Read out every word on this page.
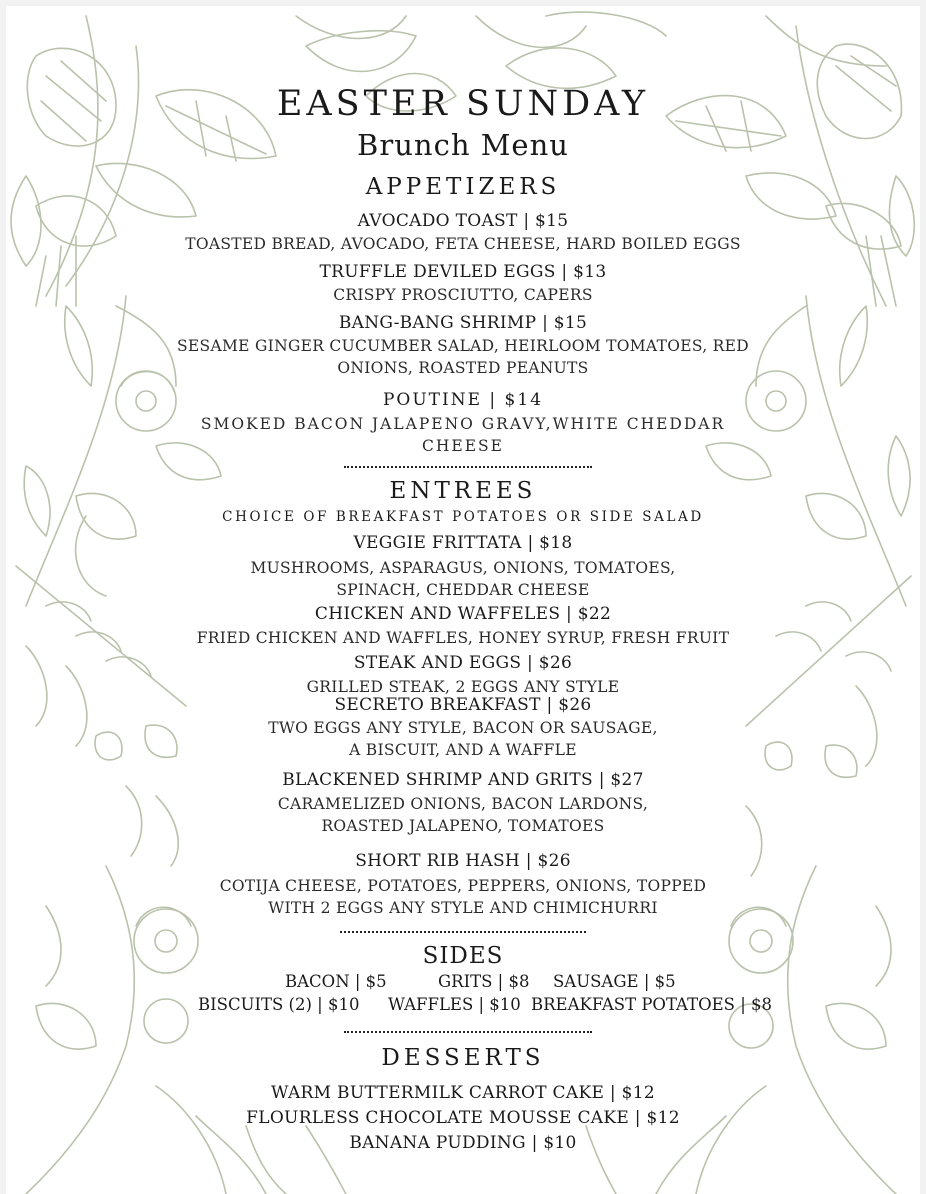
EASTER SUNDAY
Brunch Menu
APPETIZERS
AVOCADO TOAST | $15
TOASTED BREAD, AVOCADO, FETA CHEESE, HARD BOILED EGGS
TRUFFLE DEVILED EGGS | $13
CRISPY PROSCIUTTO, CAPERS
BANG-BANG SHRIMP | $15
SESAME GINGER CUCUMBER SALAD, HEIRLOOM TOMATOES, RED
ONIONS, ROASTED PEANUTS
POUTINE | $14
SMOKED BACON JALAPENO GRAVY,WHITE CHEDDAR
CHEESE
ENTREES
CHOICE OF BREAKFAST POTATOES OR SIDE SALAD
VEGGIE FRITTATA | $18
MUSHROOMS, ASPARAGUS, ONIONS, TOMATOES,
SPINACH, CHEDDAR CHEESE
CHICKEN AND WAFFELES | $22
FRIED CHICKEN AND WAFFLES, HONEY SYRUP, FRESH FRUIT
STEAK AND EGGS | $26
GRILLED STEAK, 2 EGGS ANY STYLE
SECRETO BREAKFAST | $26
TWO EGGS ANY STYLE, BACON OR SAUSAGE,
A BISCUIT, AND A WAFFLE
BLACKENED SHRIMP AND GRITS | $27
CARAMELIZED ONIONS, BACON LARDONS,
ROASTED JALAPENO, TOMATOES
SHORT RIB HASH | $26
COTIJA CHEESE, POTATOES, PEPPERS, ONIONS, TOPPED
WITH 2 EGGS ANY STYLE AND CHIMICHURRI
SIDES
BACON | $5	GRITS | $8 SAUSAGE | $5
BISCUITS (2) | $10 WAFFLES | $10 BREAKFAST POTATOES | $8
DESSERTS
WARM BUTTERMILK CARROT CAKE | $12
FLOURLESS CHOCOLATE MOUSSE CAKE | $12
BANANA PUDDING | $10
